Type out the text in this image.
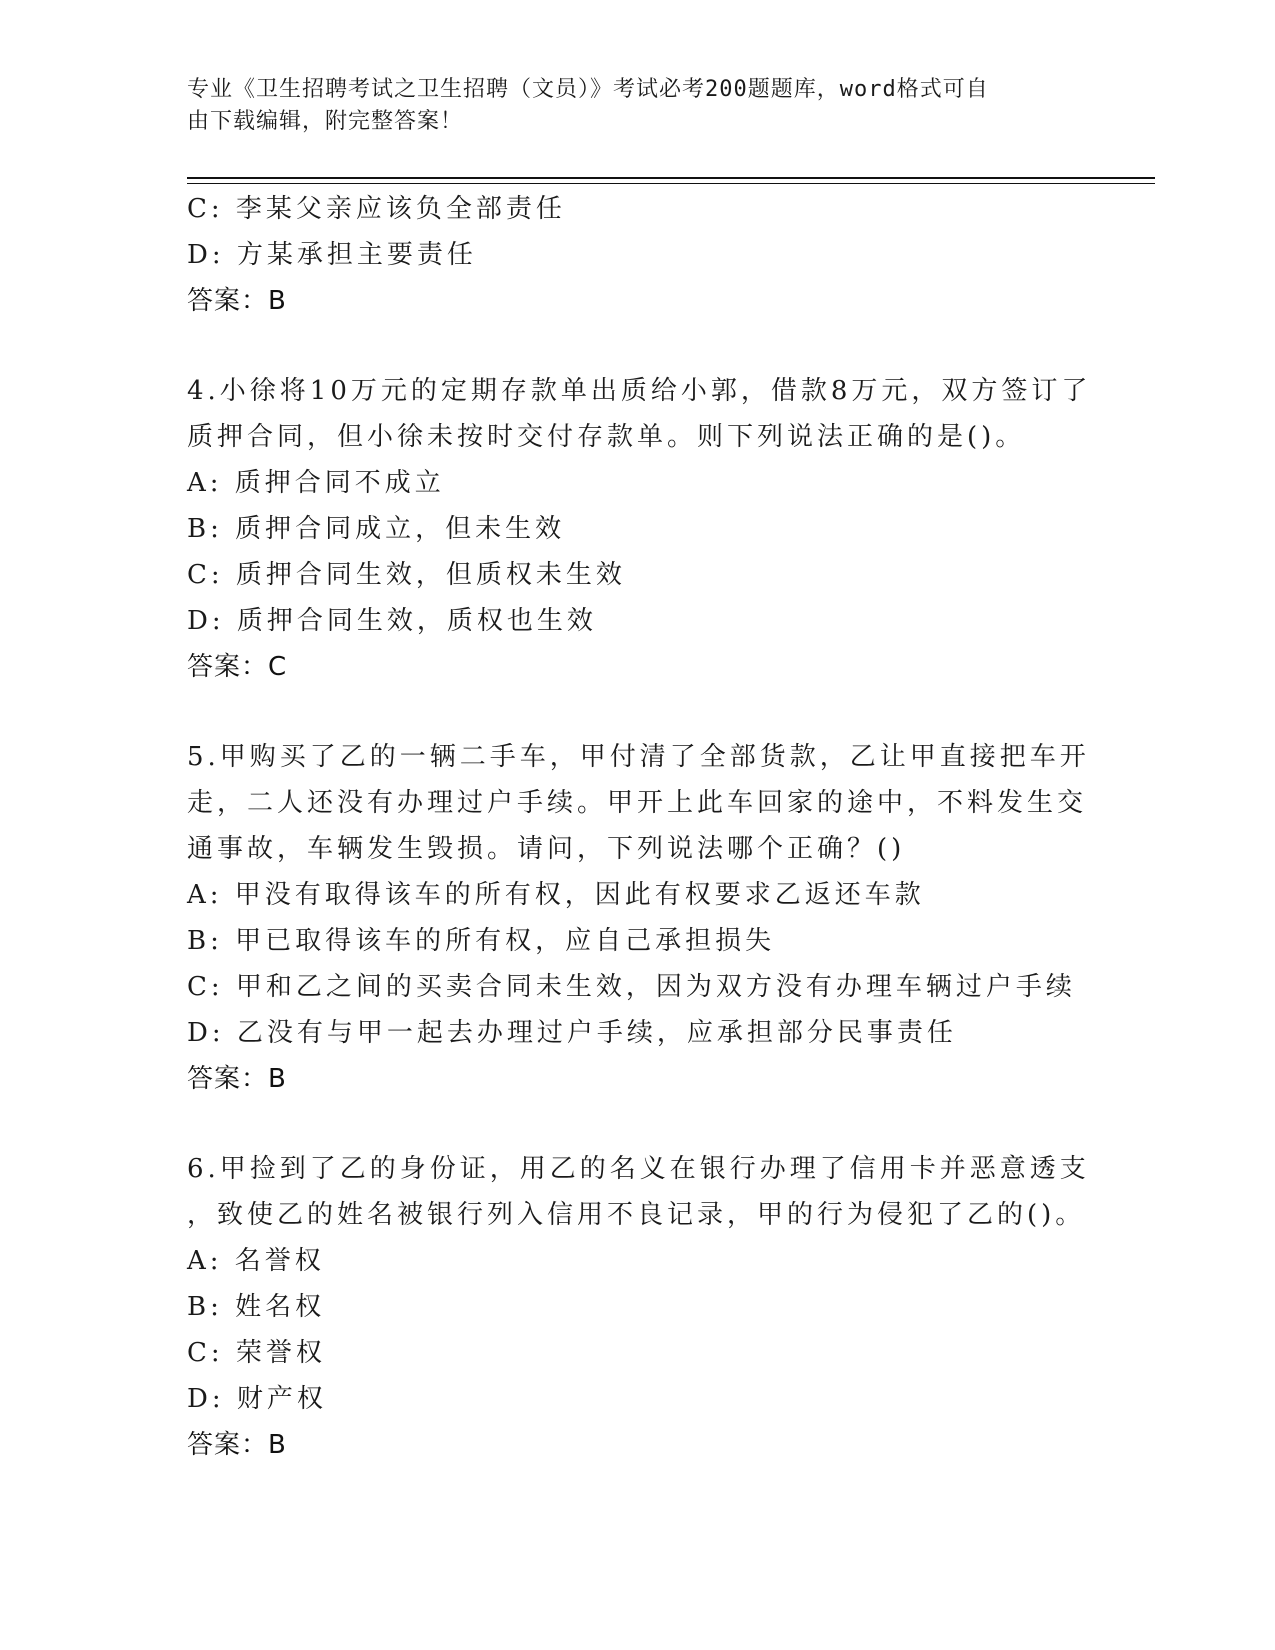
专业《卫生招聘考试之卫生招聘（文员）》考试必考200题题库，word格式可自
由下载编辑，附完整答案！
C: 李某父亲应该负全部责任
D: 方某承担主要责任
答案：B
4.小徐将10万元的定期存款单出质给小郭，借款8万元，双方签订了
质押合同，但小徐未按时交付存款单。则下列说法正确的是()。
A: 质押合同不成立
B: 质押合同成立，但未生效
C: 质押合同生效，但质权未生效
D: 质押合同生效，质权也生效
答案：C
5.甲购买了乙的一辆二手车，甲付清了全部货款，乙让甲直接把车开
走，二人还没有办理过户手续。甲开上此车回家的途中，不料发生交
通事故，车辆发生毁损。请问，下列说法哪个正确？()
A: 甲没有取得该车的所有权，因此有权要求乙返还车款
B: 甲已取得该车的所有权，应自己承担损失
C: 甲和乙之间的买卖合同未生效，因为双方没有办理车辆过户手续
D: 乙没有与甲一起去办理过户手续，应承担部分民事责任
答案：B
6.甲捡到了乙的身份证，用乙的名义在银行办理了信用卡并恶意透支
，致使乙的姓名被银行列入信用不良记录，甲的行为侵犯了乙的()。
A: 名誉权
B: 姓名权
C: 荣誉权
D: 财产权
答案：B
